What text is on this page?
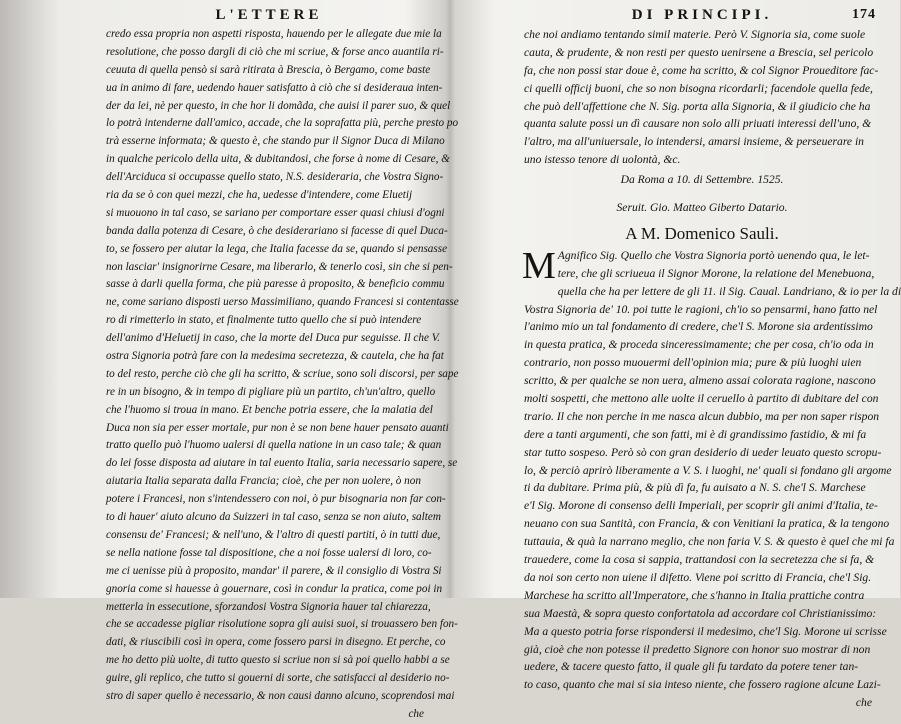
L'ETTERE
credo essa propria non aspetti risposta, hauendo per le allegate due mie la
resolutione, che posso dargli di ciò che mi scriue, & forse anco auantila ri-
ceuuta di quella pensò si sarà ritirata à Brescia, ò Bergamo, come baste
ua in animo di fare, uedendo hauer satisfatto à ciò che si desideraua inten-
der da lei, nè per questo, in che hor li domãda, che auisi il parer suo, & quel
lo potrà intenderne dall'amico, accade, che la soprafatta più, perche presto po
trà esserne informata; & questo è, che stando pur il Signor Duca di Milano
in qualche pericolo della uita, & dubitandosi, che forse à nome di Cesare, &
dell'Arciduca si occupasse quello stato, N.S. desideraria, che Vostra Signo-
ria da se ò con quei mezzi, che ha, uedesse d'intendere, come Eluetij
si muouono in tal caso, se sariano per comportare esser quasi chiusi d'ogni
banda dalla potenza di Cesare, ò che desiderariano si facesse di quel Duca-
to, se fossero per aiutar la lega, che Italia facesse da se, quando si pensasse
non lasciar' insignorirne Cesare, ma liberarlo, & tenerlo così, sin che si pen-
sasse à darli quella forma, che più paresse à proposito, & beneficio commu
ne, come sariano disposti uerso Massimiliano, quando Francesi si contentasse
ro di rimetterlo in stato, et finalmente tutto quello che si può intendere
dell'animo d'Heluetij in caso, che la morte del Duca pur seguisse. Il che V.
ostra Signoria potrà fare con la medesima secretezza, & cautela, che ha fat
to del resto, perche ciò che gli ha scritto, & scriue, sono soli discorsi, per sape
re in un bisogno, & in tempo di pigliare più un partito, ch'un'altro, quello
che l'huomo si troua in mano. Et benche potria essere, che la malatia del
Duca non sia per esser mortale, pur non è se non bene hauer pensato auanti
tratto quello può l'huomo ualersi di quella natione in un caso tale; & quan
do lei fosse disposta ad aiutare in tal euento Italia, saria necessario sapere, se
aiutaria Italia separata dalla Francia; cioè, che per non uolere, ò non
potere i Francesi, non s'intendessero con noi, ò pur bisognaria non far con-
to di hauer' aiuto alcuno da Suizzeri in tal caso, senza se non aiuto, saltem
consensu de' Francesi; & nell'uno, & l'altro di questi partiti, ò in tutti due,
se nella natione fosse tal dispositione, che a noi fosse ualersi di loro, co-
me ci uenisse più à proposito, mandar' il parere, & il consiglio di Vostra Si
gnoria come si hauesse à gouernare, così in condur la pratica, come poi in
metterla in essecutione, sforzandosi Vostra Signoria hauer tal chiarezza,
che se accadesse pigliar risolutione sopra gli auisi suoi, si trouassero ben fon-
dati, & riuscibili così in opera, come fossero parsi in disegno. Et perche, co
me ho detto più uolte, di tutto questo si scriue non si sà poi quello habbi a se
guire, gli replico, che tutto si gouerni di sorte, che satisfacci al desiderio no-
stro di saper quello è necessario, & non causi danno alcuno, scoprendosi mai
che
DI PRINCIPI.	174
che noi andiamo tentando simil materie. Però V. Signoria sia, come suole
cauta, & prudente, & non resti per questo uenirsene a Brescia, sel pericolo
fa, che non possi star doue è, come ha scritto, & col Signor Proueditore fac-
ci quelli officij buoni, che so non bisogna ricordarli; facendole quella fede,
che può dell'affettione che N. Sig. porta alla Signoria, & il giudicio che ha
quanta salute possi un dì causare non solo alli priuati interessi dell'uno, &
l'altro, ma all'uniuersale, lo intendersi, amarsi insieme, & perseuerare in
uno istesso tenore di uolontà, &c.
Da Roma a 10. di Settembre. 1525.
Seruit. Gio. Matteo Giberto Datario.
A M. Domenico Sauli.
M Agnifico Sig. Quello che Vostra Signoria portò uenendo qua, le let-
tere, che gli scriueua il Signor Morone, la relatione del Menebuona,
quella che ha per lettere de gli 11. il Sig. Caual. Landriano, & io per la di
Vostra Signoria de' 10. poi tutte le ragioni, ch'io so pensarmi, hano fatto nel
l'animo mio un tal fondamento di credere, che'l S. Morone sia ardentissimo
in questa pratica, & proceda sinceressimamente; che per cosa, ch'io oda in
contrario, non posso muouermi dell'opinion mia; pure & più luoghi uien
scritto, & per qualche se non uera, almeno assai colorata ragione, nascono
molti sospetti, che mettono alle uolte il ceruello à partito di dubitare del con
trario. Il che non perche in me nasca alcun dubbio, ma per non saper rispon
dere a tanti argumenti, che son fatti, mi è di grandissimo fastidio, & mi fa
star tutto sospeso. Però sò con gran desiderio di ueder leuato questo scropu-
lo, & perciò aprirò liberamente a V. S. i luoghi, ne' quali si fondano gli argome
ti da dubitare. Prima più, & più dì fa, fu auisato a N. S. che'l S. Marchese
e'l Sig. Morone di consenso delli Imperiali, per scoprir gli animi d'Italia, te-
neuano con sua Santità, con Francia, & con Venitiani la pratica, & la tengono
tuttauia, & quà la narrano meglio, che non faria V. S. & questo è quel che mi fa
trauedere, come la cosa si sappia, trattandosi con la secretezza che si fa, &
da noi son certo non uiene il difetto. Viene poi scritto di Francia, che'l Sig.
Marchese ha scritto all'Imperatore, che s'hanno in Italia prattiche contra
sua Maestà, & sopra questo confortatola ad accordare col Christianissimo:
Ma a questo potria forse rispondersi il medesimo, che'l Sig. Morone ui scrisse
già, cioè che non potesse il predetto Signore con honor suo mostrar di non
uedere, & tacere questo fatto, il quale gli fu tardato da potere tener tan-
to caso, quanto che mai si sia inteso niente, che fossero ragione alcune Lazi-
che
